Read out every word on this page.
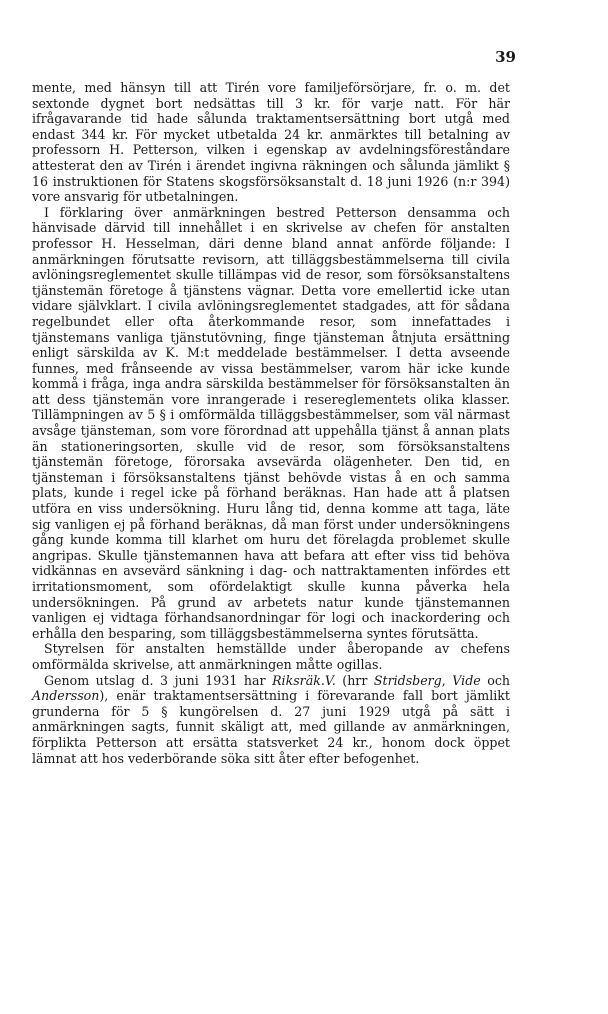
39

mente, med hänsyn till att Tirén vore familjeförsörjare, fr. o. m. det sextonde dygnet bort nedsättas till 3 kr. för varje natt. För här ifrågavarande tid hade sålunda traktamentsersättning bort utgå med endast 344 kr. För mycket utbetalda 24 kr. anmärktes till betalning av professorn H. Petterson, vilken i egenskap av avdelningsföreståndare attesterat den av Tirén i ärendet ingivna räkningen och sålunda jämlikt § 16 instruktionen för Statens skogsförsöksanstalt d. 18 juni 1926 (n:r 394) vore ansvarig för utbetalningen.

I förklaring över anmärkningen bestred Petterson densamma och hänvisade därvid till innehållet i en skrivelse av chefen för anstalten professor H. Hesselman, däri denne bland annat anförde följande: I anmärkningen förutsatte revisorn, att tilläggsbestämmelserna till civila avlöningsreglementet skulle tillämpas vid de resor, som försöksanstaltens tjänstemän företoge å tjänstens vägnar. Detta vore emellertid icke utan vidare självklart. I civila avlöningsreglementet stadgades, att för sådana regelbundet eller ofta återkommande resor, som innefattades i tjänstemans vanliga tjänstutövning, finge tjänsteman åtnjuta ersättning enligt särskilda av K. M:t meddelade bestämmelser. I detta avseende funnes, med frånseende av vissa bestämmelser, varom här icke kunde kommå i fråga, inga andra särskilda bestämmelser för försöksanstalten än att dess tjänstemän vore inrangerade i resereglementets olika klasser. Tillämpningen av 5 § i omförmälda tilläggsbestämmelser, som väl närmast avsåge tjänsteman, som vore förordnad att uppehålla tjänst å annan plats än stationeringsorten, skulle vid de resor, som försöksanstaltens tjänstemän företoge, förorsaka avsevärda olägenheter. Den tid, en tjänsteman i försöksanstaltens tjänst behövde vistas å en och samma plats, kunde i regel icke på förhand beräknas. Han hade att å platsen utföra en viss undersökning. Huru lång tid, denna komme att taga, läte sig vanligen ej på förhand beräknas, då man först under undersökningens gång kunde komma till klarhet om huru det förelagda problemet skulle angripas. Skulle tjänstemannen hava att befara att efter viss tid behöva vidkännas en avsevärd sänkning i dag- och nattraktamenten infördes ett irritationsmoment, som ofördelaktigt skulle kunna påverka hela undersökningen. På grund av arbetets natur kunde tjänstemannen vanligen ej vidtaga förhandsanordningar för logi och inackordering och erhålla den besparing, som tilläggsbestämmelserna syntes förutsätta.

Styrelsen för anstalten hemställde under åberopande av chefens omförmälda skrivelse, att anmärkningen måtte ogillas.

Genom utslag d. 3 juni 1931 har Riksräk.V. (hrr Stridsberg, Vide och Andersson), enär traktamentsersättning i förevarande fall bort jämlikt grunderna för 5 § kungörelsen d. 27 juni 1929 utgå på sätt i anmärkningen sagts, funnit skäligt att, med gillande av anmärkningen, förplikta Petterson att ersätta statsverket 24 kr., honom dock öppet lämnat att hos vederbörande söka sitt åter efter befogenhet.
